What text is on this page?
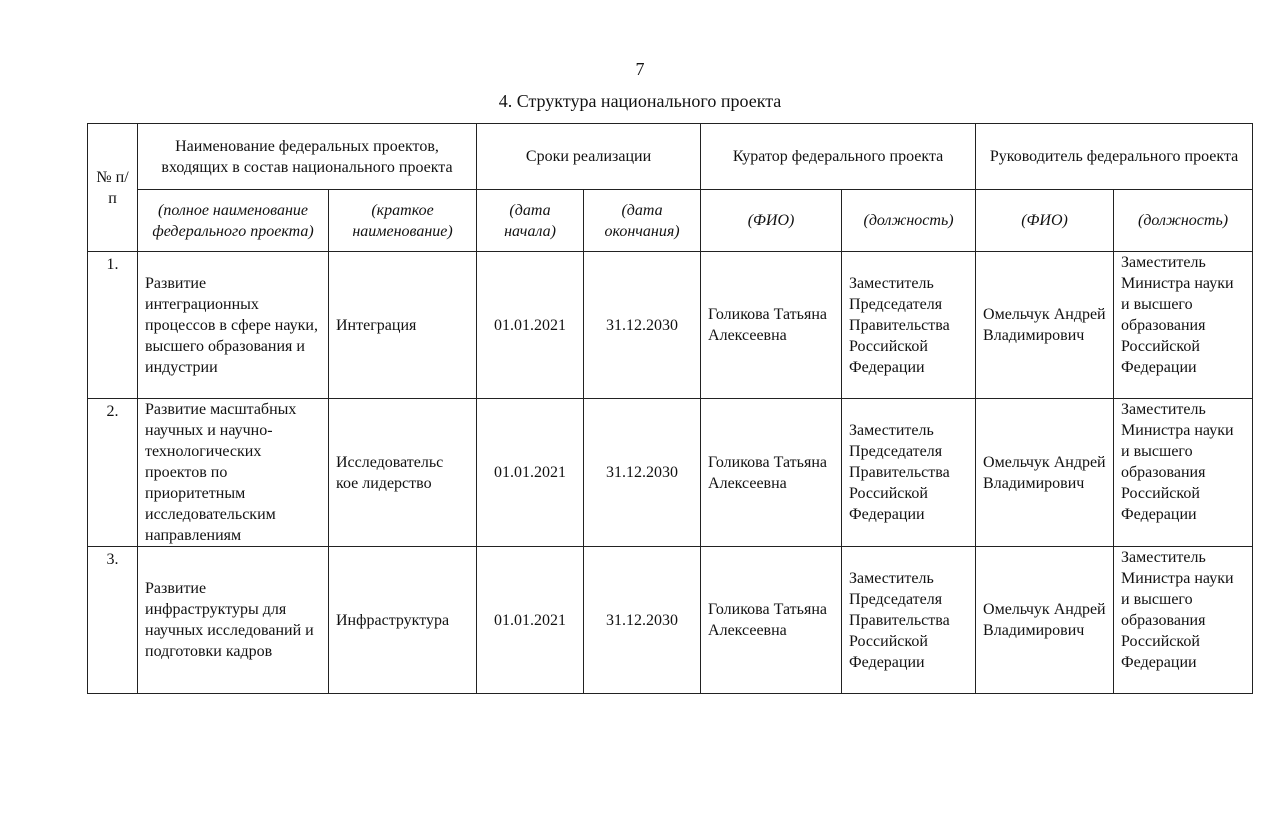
7
4. Структура национального проекта
№ п/п	Наименование федеральных проектов, входящих в состав национального проекта		Сроки реализации		Куратор федерального проекта		Руководитель федерального проекта	
	(полное наименование федерального проекта)	(краткое наименование)	(дата начала)	(дата окончания)	(ФИО)	(должность)	(ФИО)	(должность)
1.	Развитие интеграционных процессов в сфере науки, высшего образования и индустрии	Интеграция	01.01.2021	31.12.2030	Голикова Татьяна Алексеевна	Заместитель Председателя Правительства Российской Федерации	Омельчук Андрей Владимирович	Заместитель Министра науки и высшего образования Российской Федерации
2.	Развитие масштабных научных и научно-технологических проектов по приоритетным исследовательским направлениям	Исследовательс кое лидерство	01.01.2021	31.12.2030	Голикова Татьяна Алексеевна	Заместитель Председателя Правительства Российской Федерации	Омельчук Андрей Владимирович	Заместитель Министра науки и высшего образования Российской Федерации
3.	Развитие инфраструктуры для научных исследований и подготовки кадров	Инфраструктура	01.01.2021	31.12.2030	Голикова Татьяна Алексеевна	Заместитель Председателя Правительства Российской Федерации	Омельчук Андрей Владимирович	Заместитель Министра науки и высшего образования Российской Федерации
